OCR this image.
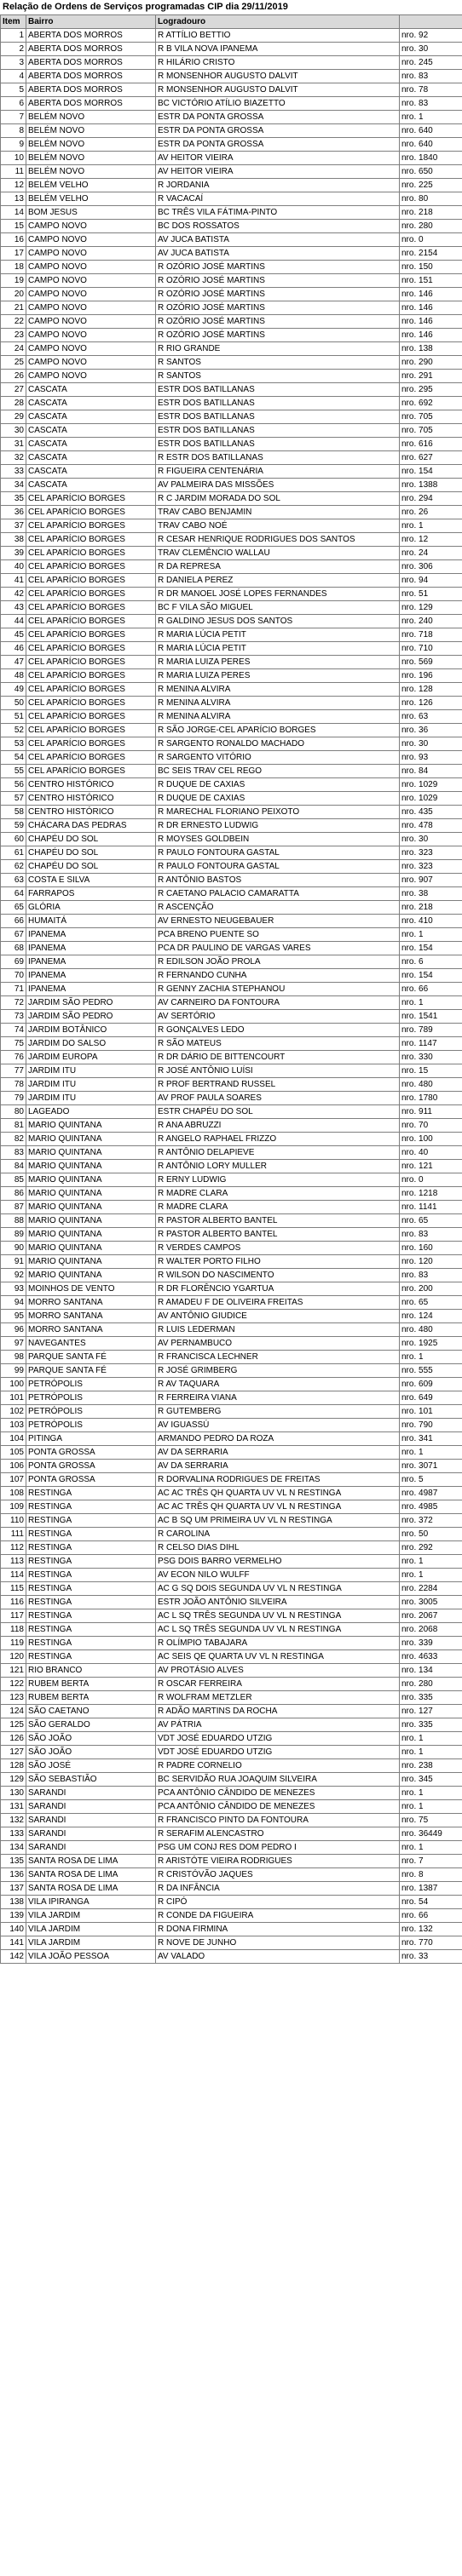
Relação de Ordens de Serviços programadas CIP dia 29/11/2019
Item	Bairro	Logradouro	
1	ABERTA DOS MORROS	R ATTÍLIO BETTIO	nro. 92
2	ABERTA DOS MORROS	R B VILA NOVA IPANEMA	nro. 30
3	ABERTA DOS MORROS	R HILÁRIO CRISTO	nro. 245
4	ABERTA DOS MORROS	R MONSENHOR AUGUSTO DALVIT	nro. 83
5	ABERTA DOS MORROS	R MONSENHOR AUGUSTO DALVIT	nro. 78
6	ABERTA DOS MORROS	BC VICTÓRIO ATÍLIO BIAZETTO	nro. 83
7	BELÉM NOVO	ESTR DA PONTA GROSSA	nro. 1
8	BELÉM NOVO	ESTR DA PONTA GROSSA	nro. 640
9	BELÉM NOVO	ESTR DA PONTA GROSSA	nro. 640
10	BELÉM NOVO	AV HEITOR VIEIRA	nro. 1840
11	BELÉM NOVO	AV HEITOR VIEIRA	nro. 650
12	BELÉM VELHO	R JORDANIA	nro. 225
13	BELÉM VELHO	R VACACAÍ	nro. 80
14	BOM JESUS	BC TRÊS VILA FÁTIMA-PINTO	nro. 218
15	CAMPO NOVO	BC DOS ROSSATOS	nro. 280
16	CAMPO NOVO	AV JUCA BATISTA	nro. 0
17	CAMPO NOVO	AV JUCA BATISTA	nro. 2154
18	CAMPO NOVO	R OZÓRIO JOSÉ MARTINS	nro. 150
19	CAMPO NOVO	R OZÓRIO JOSÉ MARTINS	nro. 151
20	CAMPO NOVO	R OZÓRIO JOSÉ MARTINS	nro. 146
21	CAMPO NOVO	R OZÓRIO JOSÉ MARTINS	nro. 146
22	CAMPO NOVO	R OZÓRIO JOSÉ MARTINS	nro. 146
23	CAMPO NOVO	R OZÓRIO JOSÉ MARTINS	nro. 146
24	CAMPO NOVO	R RIO GRANDE	nro. 138
25	CAMPO NOVO	R SANTOS	nro. 290
26	CAMPO NOVO	R SANTOS	nro. 291
27	CASCATA	ESTR DOS BATILLANAS	nro. 295
28	CASCATA	ESTR DOS BATILLANAS	nro. 692
29	CASCATA	ESTR DOS BATILLANAS	nro. 705
30	CASCATA	ESTR DOS BATILLANAS	nro. 705
31	CASCATA	ESTR DOS BATILLANAS	nro. 616
32	CASCATA	R ESTR DOS BATILLANAS	nro. 627
33	CASCATA	R FIGUEIRA CENTENÁRIA	nro. 154
34	CASCATA	AV PALMEIRA DAS MISSÕES	nro. 1388
35	CEL APARÍCIO BORGES	R C JARDIM MORADA DO SOL	nro. 294
36	CEL APARÍCIO BORGES	TRAV CABO BENJAMIN	nro. 26
37	CEL APARÍCIO BORGES	TRAV CABO NOÉ	nro. 1
38	CEL APARÍCIO BORGES	R CESAR HENRIQUE RODRIGUES DOS SANTOS	nro. 12
39	CEL APARÍCIO BORGES	TRAV CLEMÊNCIO WALLAU	nro. 24
40	CEL APARÍCIO BORGES	R DA REPRESA	nro. 306
41	CEL APARÍCIO BORGES	R DANIELA PEREZ	nro. 94
42	CEL APARÍCIO BORGES	R DR MANOEL JOSÉ LOPES FERNANDES	nro. 51
43	CEL APARÍCIO BORGES	BC F VILA SÃO MIGUEL	nro. 129
44	CEL APARÍCIO BORGES	R GALDINO JESUS DOS SANTOS	nro. 240
45	CEL APARÍCIO BORGES	R MARIA LÚCIA PETIT	nro. 718
46	CEL APARÍCIO BORGES	R MARIA LÚCIA PETIT	nro. 710
47	CEL APARÍCIO BORGES	R MARIA LUIZA PERES	nro. 569
48	CEL APARÍCIO BORGES	R MARIA LUIZA PERES	nro. 196
49	CEL APARÍCIO BORGES	R MENINA ALVIRA	nro. 128
50	CEL APARÍCIO BORGES	R MENINA ALVIRA	nro. 126
51	CEL APARÍCIO BORGES	R MENINA ALVIRA	nro. 63
52	CEL APARÍCIO BORGES	R SÃO JORGE-CEL APARÍCIO BORGES	nro. 36
53	CEL APARÍCIO BORGES	R SARGENTO RONALDO MACHADO	nro. 30
54	CEL APARÍCIO BORGES	R SARGENTO VITÓRIO	nro. 93
55	CEL APARÍCIO BORGES	BC SEIS TRAV CEL REGO	nro. 84
56	CENTRO HISTÓRICO	R DUQUE DE CAXIAS	nro. 1029
57	CENTRO HISTÓRICO	R DUQUE DE CAXIAS	nro. 1029
58	CENTRO HISTÓRICO	R MARECHAL FLORIANO PEIXOTO	nro. 435
59	CHÁCARA DAS PEDRAS	R DR ERNESTO LUDWIG	nro. 478
60	CHAPÉU DO SOL	R MOYSES GOLDBEIN	nro. 30
61	CHAPÉU DO SOL	R PAULO FONTOURA GASTAL	nro. 323
62	CHAPÉU DO SOL	R PAULO FONTOURA GASTAL	nro. 323
63	COSTA E SILVA	R ANTÔNIO BASTOS	nro. 907
64	FARRAPOS	R CAETANO PALACIO CAMARATTA	nro. 38
65	GLÓRIA	R ASCENÇÃO	nro. 218
66	HUMAITÁ	AV ERNESTO NEUGEBAUER	nro. 410
67	IPANEMA	PCA BRENO PUENTE SO	nro. 1
68	IPANEMA	PCA DR PAULINO DE VARGAS VARES	nro. 154
69	IPANEMA	R EDILSON JOÃO PROLA	nro. 6
70	IPANEMA	R FERNANDO CUNHA	nro. 154
71	IPANEMA	R GENNY ZACHIA STEPHANOU	nro. 66
72	JARDIM SÃO PEDRO	AV CARNEIRO DA FONTOURA	nro. 1
73	JARDIM SÃO PEDRO	AV SERTÓRIO	nro. 1541
74	JARDIM BOTÂNICO	R GONÇALVES LEDO	nro. 789
75	JARDIM DO SALSO	R SÃO MATEUS	nro. 1147
76	JARDIM EUROPA	R DR DÁRIO DE BITTENCOURT	nro. 330
77	JARDIM ITU	R JOSÉ ANTÔNIO LUÍSI	nro. 15
78	JARDIM ITU	R PROF BERTRAND RUSSEL	nro. 480
79	JARDIM ITU	AV PROF PAULA SOARES	nro. 1780
80	LAGEADO	ESTR CHAPÉU DO SOL	nro. 911
81	MARIO QUINTANA	R ANA ABRUZZI	nro. 70
82	MARIO QUINTANA	R ANGELO RAPHAEL FRIZZO	nro. 100
83	MARIO QUINTANA	R ANTÔNIO DELAPIEVE	nro. 40
84	MARIO QUINTANA	R ANTÔNIO LORY MULLER	nro. 121
85	MARIO QUINTANA	R ERNY LUDWIG	nro. 0
86	MARIO QUINTANA	R MADRE CLARA	nro. 1218
87	MARIO QUINTANA	R MADRE CLARA	nro. 1141
88	MARIO QUINTANA	R PASTOR ALBERTO BANTEL	nro. 65
89	MARIO QUINTANA	R PASTOR ALBERTO BANTEL	nro. 83
90	MARIO QUINTANA	R VERDES CAMPOS	nro. 160
91	MARIO QUINTANA	R WALTER PORTO FILHO	nro. 120
92	MARIO QUINTANA	R WILSON DO NASCIMENTO	nro. 83
93	MOINHOS DE VENTO	R DR FLORÊNCIO YGARTUA	nro. 200
94	MORRO SANTANA	R AMADEU F DE OLIVEIRA FREITAS	nro. 65
95	MORRO SANTANA	AV ANTÔNIO GIUDICE	nro. 124
96	MORRO SANTANA	R LUIS LEDERMAN	nro. 480
97	NAVEGANTES	AV PERNAMBUCO	nro. 1925
98	PARQUE SANTA FÉ	R FRANCISCA LECHNER	nro. 1
99	PARQUE SANTA FÉ	R JOSÉ GRIMBERG	nro. 555
100	PETRÓPOLIS	R AV TAQUARA	nro. 609
101	PETRÓPOLIS	R FERREIRA VIANA	nro. 649
102	PETRÓPOLIS	R GUTEMBERG	nro. 101
103	PETRÓPOLIS	AV IGUASSÚ	nro. 790
104	PITINGA	ARMANDO PEDRO DA ROZA	nro. 341
105	PONTA GROSSA	AV DA SERRARIA	nro. 1
106	PONTA GROSSA	AV DA SERRARIA	nro. 3071
107	PONTA GROSSA	R DORVALINA RODRIGUES DE FREITAS	nro. 5
108	RESTINGA	AC AC TRÊS QH QUARTA UV VL N RESTINGA	nro. 4987
109	RESTINGA	AC AC TRÊS QH QUARTA UV VL N RESTINGA	nro. 4985
110	RESTINGA	AC B SQ UM PRIMEIRA UV VL N RESTINGA	nro. 372
111	RESTINGA	R CAROLINA	nro. 50
112	RESTINGA	R CELSO DIAS DIHL	nro. 292
113	RESTINGA	PSG DOIS BARRO VERMELHO	nro. 1
114	RESTINGA	AV ECON NILO WULFF	nro. 1
115	RESTINGA	AC G SQ DOIS SEGUNDA UV VL N RESTINGA	nro. 2284
116	RESTINGA	ESTR JOÃO ANTÔNIO SILVEIRA	nro. 3005
117	RESTINGA	AC L SQ TRÊS SEGUNDA UV VL N RESTINGA	nro. 2067
118	RESTINGA	AC L SQ TRÊS SEGUNDA UV VL N RESTINGA	nro. 2068
119	RESTINGA	R OLÍMPIO TABAJARA	nro. 339
120	RESTINGA	AC SEIS QE QUARTA UV VL N RESTINGA	nro. 4633
121	RIO BRANCO	AV PROTÁSIO ALVES	nro. 134
122	RUBEM BERTA	R OSCAR FERREIRA	nro. 280
123	RUBEM BERTA	R WOLFRAM METZLER	nro. 335
124	SÃO CAETANO	R ADÃO MARTINS DA ROCHA	nro. 127
125	SÃO GERALDO	AV PÁTRIA	nro. 335
126	SÃO JOÃO	VDT JOSÉ EDUARDO UTZIG	nro. 1
127	SÃO JOÃO	VDT JOSÉ EDUARDO UTZIG	nro. 1
128	SÃO JOSÉ	R PADRE CORNELIO	nro. 238
129	SÃO SEBASTIÃO	BC SERVIDÃO RUA JOAQUIM SILVEIRA	nro. 345
130	SARANDI	PCA ANTÔNIO CÂNDIDO DE MENEZES	nro. 1
131	SARANDI	PCA ANTÔNIO CÂNDIDO DE MENEZES	nro. 1
132	SARANDI	R FRANCISCO PINTO DA FONTOURA	nro. 75
133	SARANDI	R SERAFIM ALENCASTRO	nro. 36449
134	SARANDI	PSG UM CONJ RES DOM PEDRO I	nro. 1
135	SANTA ROSA DE LIMA	R ARISTÓTE VIEIRA RODRIGUES	nro. 7
136	SANTA ROSA DE LIMA	R CRISTÓVÃO JAQUES	nro. 8
137	SANTA ROSA DE LIMA	R DA INFÂNCIA	nro. 1387
138	VILA IPIRANGA	R CIPÓ	nro. 54
139	VILA JARDIM	R CONDE DA FIGUEIRA	nro. 66
140	VILA JARDIM	R DONA FIRMINA	nro. 132
141	VILA JARDIM	R NOVE DE JUNHO	nro. 770
142	VILA JOÃO PESSOA	AV VALADO	nro. 33
